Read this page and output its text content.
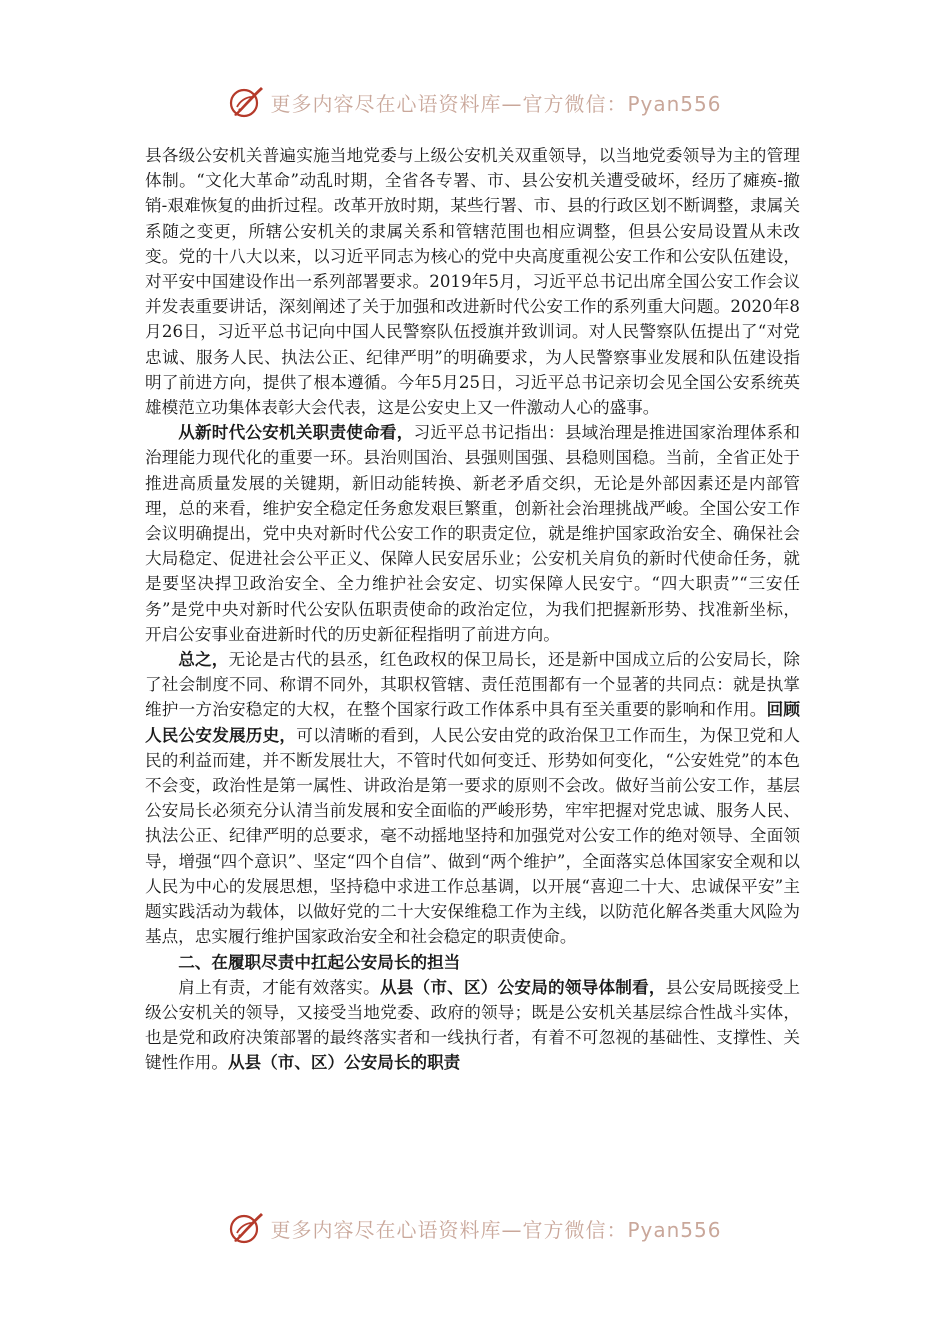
更多内容尽在心语资料库—官方微信：Pyan556

县各级公安机关普遍实施当地党委与上级公安机关双重领导，以当地党委领导为主的管理体制。“文化大革命”动乱时期，全省各专署、市、县公安机关遭受破坏，经历了瘫痪-撤销-艰难恢复的曲折过程。改革开放时期，某些行署、市、县的行政区划不断调整，隶属关系随之变更，所辖公安机关的隶属关系和管辖范围也相应调整，但县公安局设置从未改变。党的十八大以来，以习近平同志为核心的党中央高度重视公安工作和公安队伍建设，对平安中国建设作出一系列部署要求。2019年5月，习近平总书记出席全国公安工作会议并发表重要讲话，深刻阐述了关于加强和改进新时代公安工作的系列重大问题。2020年8月26日，习近平总书记向中国人民警察队伍授旗并致训词。对人民警察队伍提出了“对党忠诚、服务人民、执法公正、纪律严明”的明确要求，为人民警察事业发展和队伍建设指明了前进方向，提供了根本遵循。今年5月25日，习近平总书记亲切会见全国公安系统英雄模范立功集体表彰大会代表，这是公安史上又一件激动人心的盛事。

从新时代公安机关职责使命看，习近平总书记指出：县域治理是推进国家治理体系和治理能力现代化的重要一环。县治则国治、县强则国强、县稳则国稳。当前，全省正处于推进高质量发展的关键期，新旧动能转换、新老矛盾交织，无论是外部因素还是内部管理，总的来看，维护安全稳定任务愈发艰巨繁重，创新社会治理挑战严峻。全国公安工作会议明确提出，党中央对新时代公安工作的职责定位，就是维护国家政治安全、确保社会大局稳定、促进社会公平正义、保障人民安居乐业；公安机关肩负的新时代使命任务，就是要坚决捍卫政治安全、全力维护社会安定、切实保障人民安宁。“四大职责”“三安任务”是党中央对新时代公安队伍职责使命的政治定位，为我们把握新形势、找准新坐标，开启公安事业奋进新时代的历史新征程指明了前进方向。

总之，无论是古代的县丞，红色政权的保卫局长，还是新中国成立后的公安局长，除了社会制度不同、称谓不同外，其职权管辖、责任范围都有一个显著的共同点：就是执掌维护一方治安稳定的大权，在整个国家行政工作体系中具有至关重要的影响和作用。回顾人民公安发展历史，可以清晰的看到，人民公安由党的政治保卫工作而生，为保卫党和人民的利益而建，并不断发展壮大，不管时代如何变迁、形势如何变化，“公安姓党”的本色不会变，政治性是第一属性、讲政治是第一要求的原则不会改。做好当前公安工作，基层公安局长必须充分认清当前发展和安全面临的严峻形势，牢牢把握对党忠诚、服务人民、执法公正、纪律严明的总要求，毫不动摇地坚持和加强党对公安工作的绝对领导、全面领导，增强“四个意识”、坚定“四个自信”、做到“两个维护”，全面落实总体国家安全观和以人民为中心的发展思想，坚持稳中求进工作总基调，以开展“喜迎二十大、忠诚保平安”主题实践活动为载体，以做好党的二十大安保维稳工作为主线，以防范化解各类重大风险为基点，忠实履行维护国家政治安全和社会稳定的职责使命。

二、在履职尽责中扛起公安局长的担当

肩上有责，才能有效落实。从县（市、区）公安局的领导体制看，县公安局既接受上级公安机关的领导，又接受当地党委、政府的领导；既是公安机关基层综合性战斗实体，也是党和政府决策部署的最终落实者和一线执行者，有着不可忽视的基础性、支撑性、关键性作用。从县（市、区）公安局长的职责

更多内容尽在心语资料库—官方微信：Pyan556
